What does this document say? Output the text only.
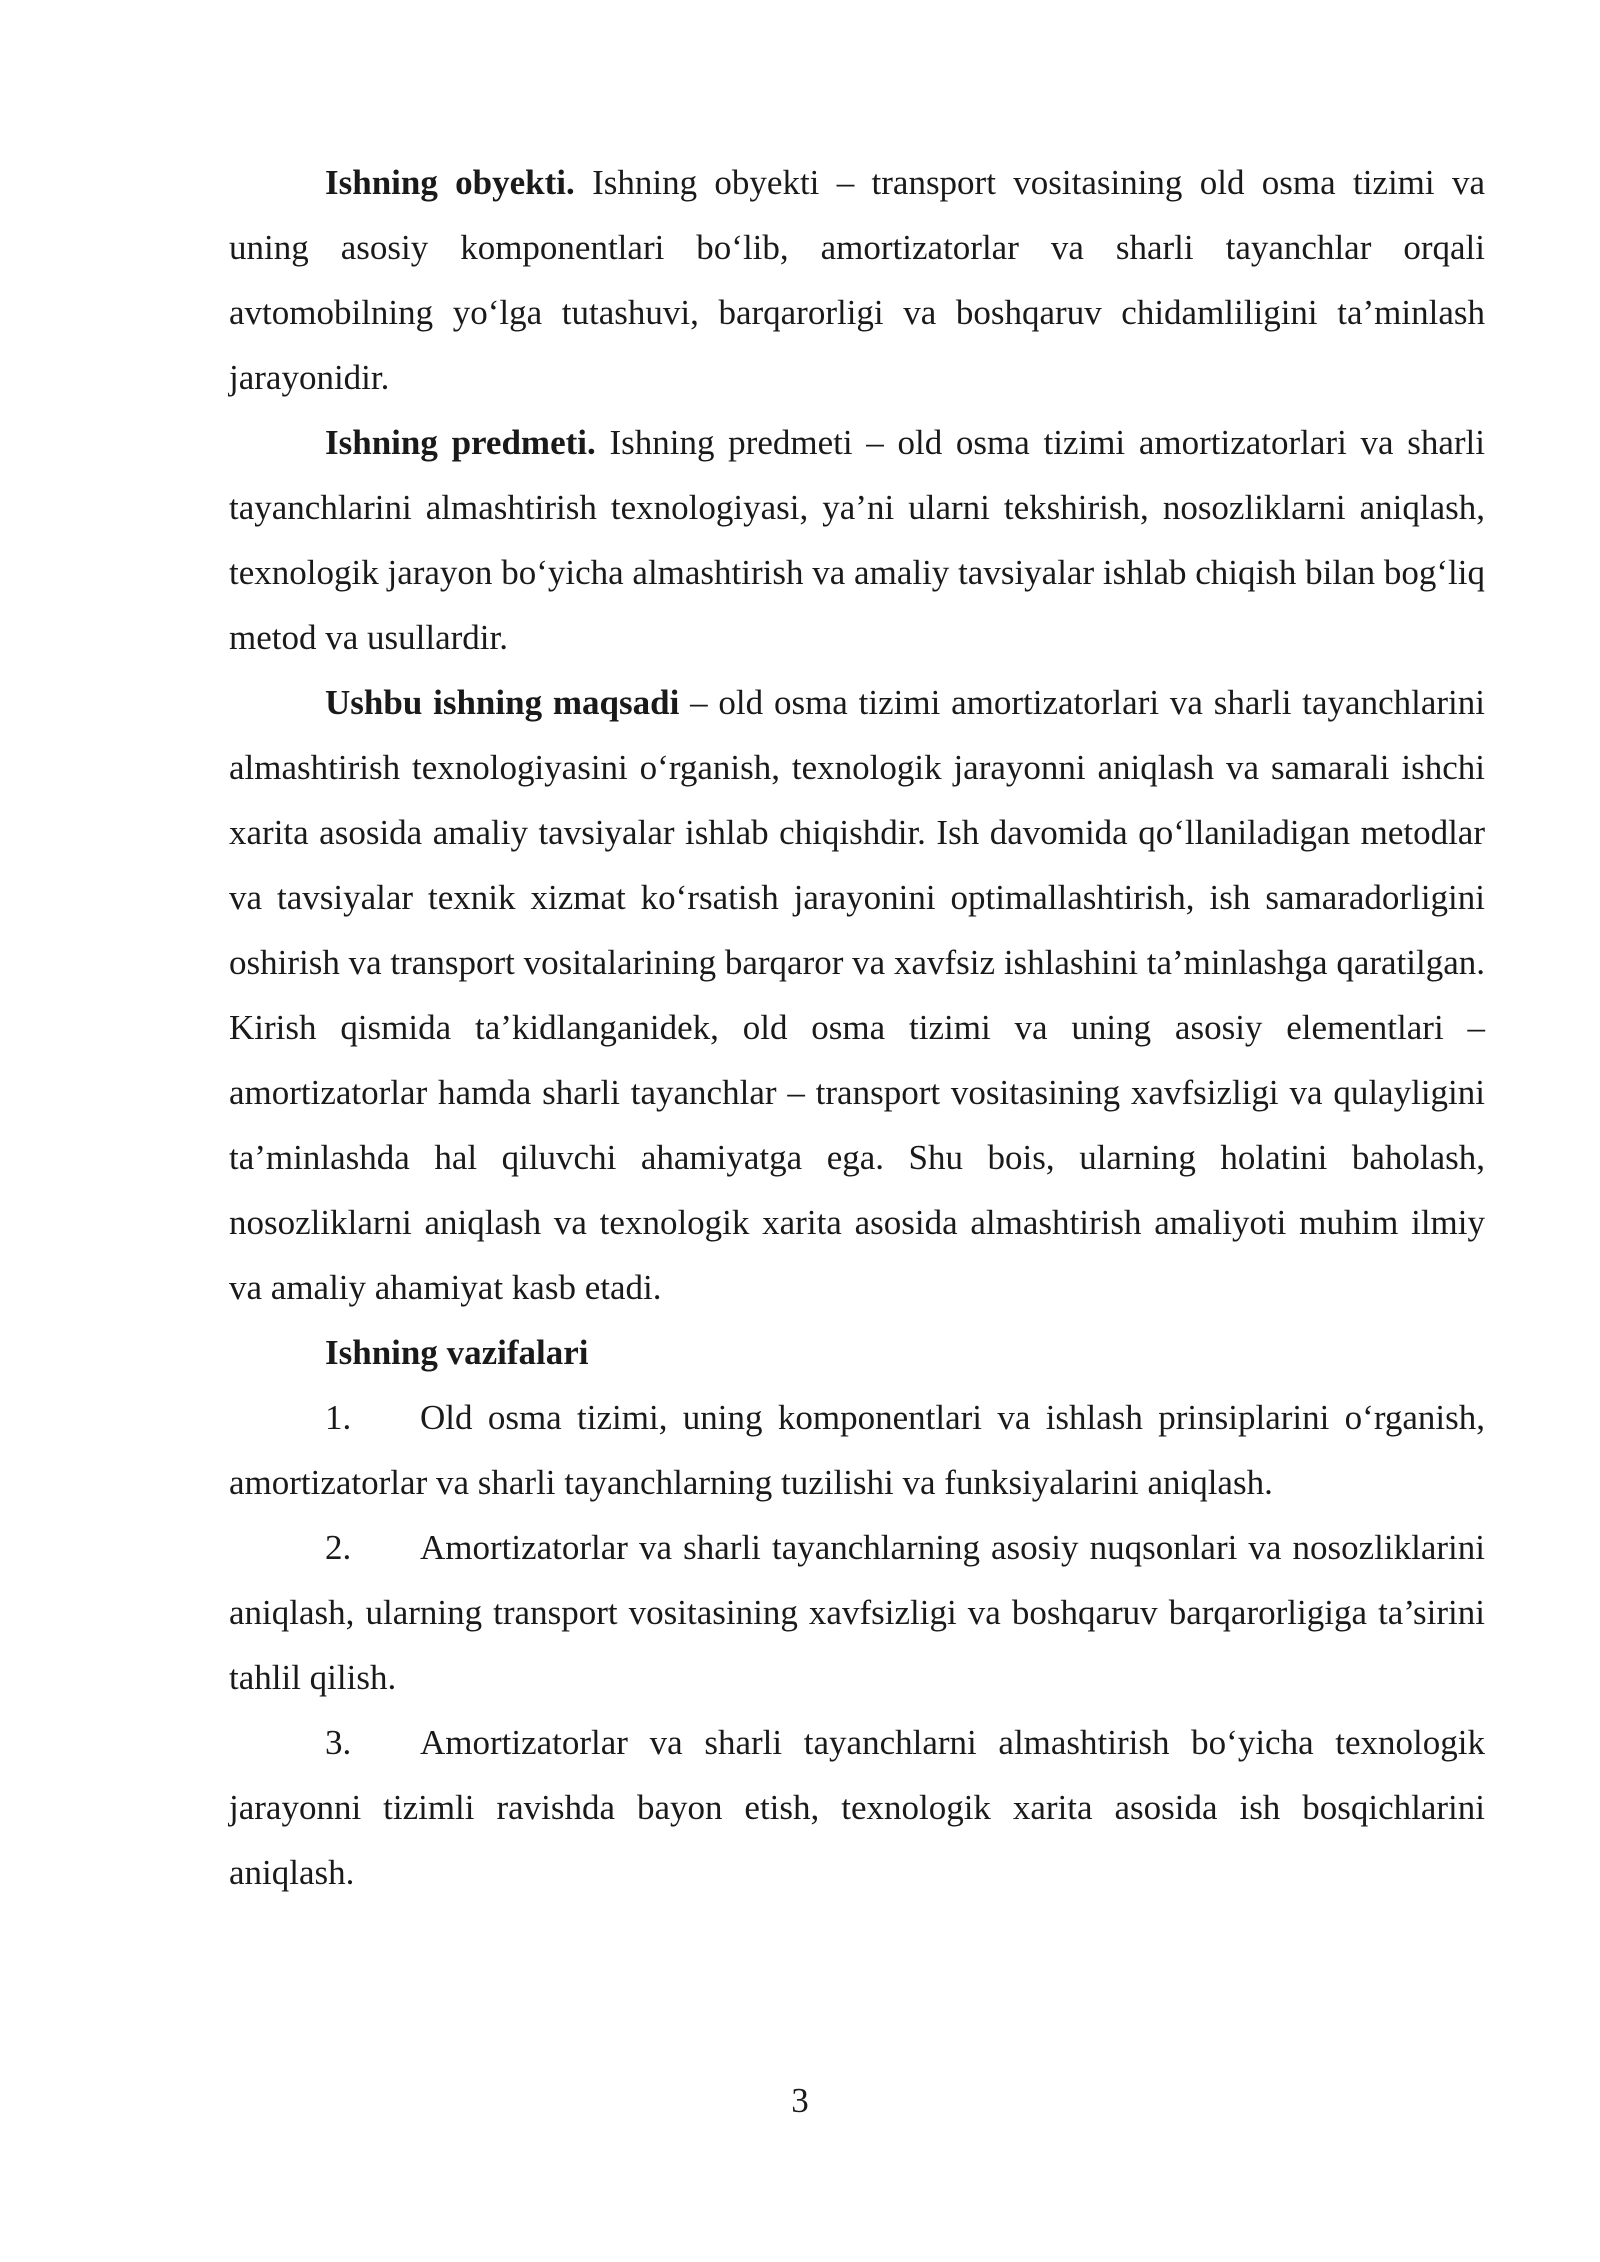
Ishning obyekti. Ishning obyekti – transport vositasining old osma tizimi va uning asosiy komponentlari bo‘lib, amortizatorlar va sharli tayanchlar orqali avtomobilning yo‘lga tutashuvi, barqarorligi va boshqaruv chidamliligini ta’minlash jarayonidir.

Ishning predmeti. Ishning predmeti – old osma tizimi amortizatorlari va sharli tayanchlarini almashtirish texnologiyasi, ya’ni ularni tekshirish, nosozliklarni aniqlash, texnologik jarayon bo‘yicha almashtirish va amaliy tavsiyalar ishlab chiqish bilan bog‘liq metod va usullardir.

Ushbu ishning maqsadi – old osma tizimi amortizatorlari va sharli tayanchlarini almashtirish texnologiyasini o‘rganish, texnologik jarayonni aniqlash va samarali ishchi xarita asosida amaliy tavsiyalar ishlab chiqishdir. Ish davomida qo‘llaniladigan metodlar va tavsiyalar texnik xizmat ko‘rsatish jarayonini optimallashtirish, ish samaradorligini oshirish va transport vositalarining barqaror va xavfsiz ishlashini ta’minlashga qaratilgan. Kirish qismida ta’kidlanganidek, old osma tizimi va uning asosiy elementlari – amortizatorlar hamda sharli tayanchlar – transport vositasining xavfsizligi va qulayligini ta’minlashda hal qiluvchi ahamiyatga ega. Shu bois, ularning holatini baholash, nosozliklarni aniqlash va texnologik xarita asosida almashtirish amaliyoti muhim ilmiy va amaliy ahamiyat kasb etadi.

Ishning vazifalari

1. Old osma tizimi, uning komponentlari va ishlash prinsiplarini o‘rganish, amortizatorlar va sharli tayanchlarning tuzilishi va funksiyalarini aniqlash.

2. Amortizatorlar va sharli tayanchlarning asosiy nuqsonlari va nosozliklarini aniqlash, ularning transport vositasining xavfsizligi va boshqaruv barqarorligiga ta’sirini tahlil qilish.

3. Amortizatorlar va sharli tayanchlarni almashtirish bo‘yicha texnologik jarayonni tizimli ravishda bayon etish, texnologik xarita asosida ish bosqichlarini aniqlash.

3
